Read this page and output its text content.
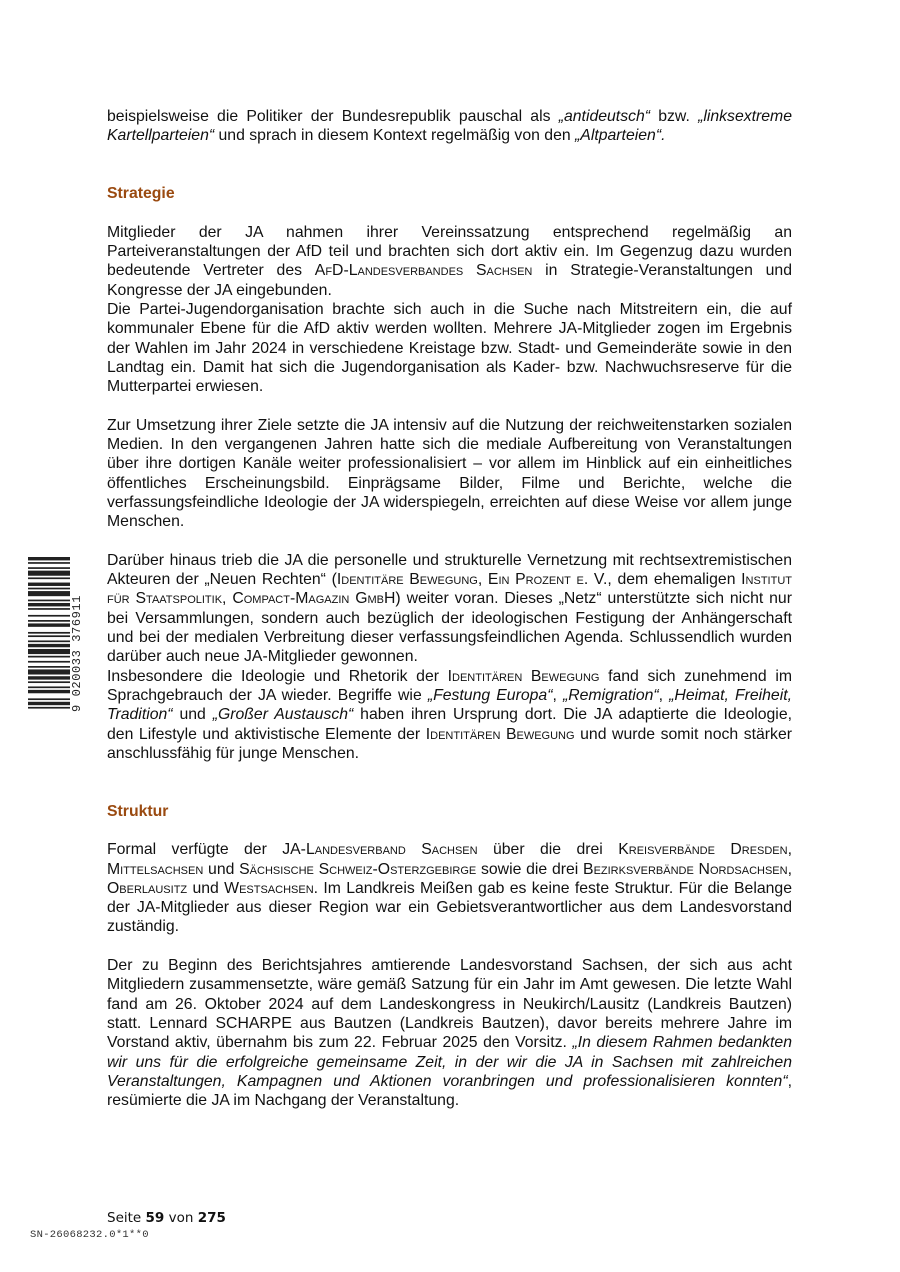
beispielsweise die Politiker der Bundesrepublik pauschal als „antideutsch“ bzw. „linksextreme Kartellparteien“ und sprach in diesem Kontext regelmäßig von den „Altparteien“.

Strategie

Mitglieder der JA nahmen ihrer Vereinssatzung entsprechend regelmäßig an Parteiveranstaltungen der AfD teil und brachten sich dort aktiv ein. Im Gegenzug dazu wurden bedeutende Vertreter des AfD-Landesverbandes Sachsen in Strategie-Veranstaltungen und Kongresse der JA eingebunden.

Die Partei-Jugendorganisation brachte sich auch in die Suche nach Mitstreitern ein, die auf kommunaler Ebene für die AfD aktiv werden wollten. Mehrere JA-Mitglieder zogen im Ergebnis der Wahlen im Jahr 2024 in verschiedene Kreistage bzw. Stadt- und Gemeinderäte sowie in den Landtag ein. Damit hat sich die Jugendorganisation als Kader- bzw. Nachwuchsreserve für die Mutterpartei erwiesen.

Zur Umsetzung ihrer Ziele setzte die JA intensiv auf die Nutzung der reichweitenstarken sozialen Medien. In den vergangenen Jahren hatte sich die mediale Aufbereitung von Veranstaltungen über ihre dortigen Kanäle weiter professionalisiert – vor allem im Hinblick auf ein einheitliches öffentliches Erscheinungsbild. Einprägsame Bilder, Filme und Berichte, welche die verfassungsfeindliche Ideologie der JA widerspiegeln, erreichten auf diese Weise vor allem junge Menschen.

Darüber hinaus trieb die JA die personelle und strukturelle Vernetzung mit rechtsextremistischen Akteuren der „Neuen Rechten“ (Identitäre Bewegung, Ein Prozent e. V., dem ehemaligen Institut für Staatspolitik, Compact-Magazin GmbH) weiter voran. Dieses „Netz“ unterstützte sich nicht nur bei Versammlungen, sondern auch bezüglich der ideologischen Festigung der Anhängerschaft und bei der medialen Verbreitung dieser verfassungsfeindlichen Agenda. Schlussendlich wurden darüber auch neue JA-Mitglieder gewonnen.

Insbesondere die Ideologie und Rhetorik der Identitären Bewegung fand sich zunehmend im Sprachgebrauch der JA wieder. Begriffe wie „Festung Europa“, „Remigration“, „Heimat, Freiheit, Tradition“ und „Großer Austausch“ haben ihren Ursprung dort. Die JA adaptierte die Ideologie, den Lifestyle und aktivistische Elemente der Identitären Bewegung und wurde somit noch stärker anschlussfähig für junge Menschen.

Struktur

Formal verfügte der JA-Landesverband Sachsen über die drei Kreisverbände Dresden, Mittelsachsen und Sächsische Schweiz-Osterzgebirge sowie die drei Bezirksverbände Nordsachsen, Oberlausitz und Westsachsen. Im Landkreis Meißen gab es keine feste Struktur. Für die Belange der JA-Mitglieder aus dieser Region war ein Gebietsverantwortlicher aus dem Landesvorstand zuständig.

Der zu Beginn des Berichtsjahres amtierende Landesvorstand Sachsen, der sich aus acht Mitgliedern zusammensetzte, wäre gemäß Satzung für ein Jahr im Amt gewesen. Die letzte Wahl fand am 26. Oktober 2024 auf dem Landeskongress in Neukirch/Lausitz (Landkreis Bautzen) statt. Lennard SCHARPE aus Bautzen (Landkreis Bautzen), davor bereits mehrere Jahre im Vorstand aktiv, übernahm bis zum 22. Februar 2025 den Vorsitz. „In diesem Rahmen bedankten wir uns für die erfolgreiche gemeinsame Zeit, in der wir die JA in Sachsen mit zahlreichen Veranstaltungen, Kampagnen und Aktionen voranbringen und professionalisieren konnten“, resümierte die JA im Nachgang der Veranstaltung.

9 020033 376911
Seite 59 von 275
SN-26068232.0*1**0
